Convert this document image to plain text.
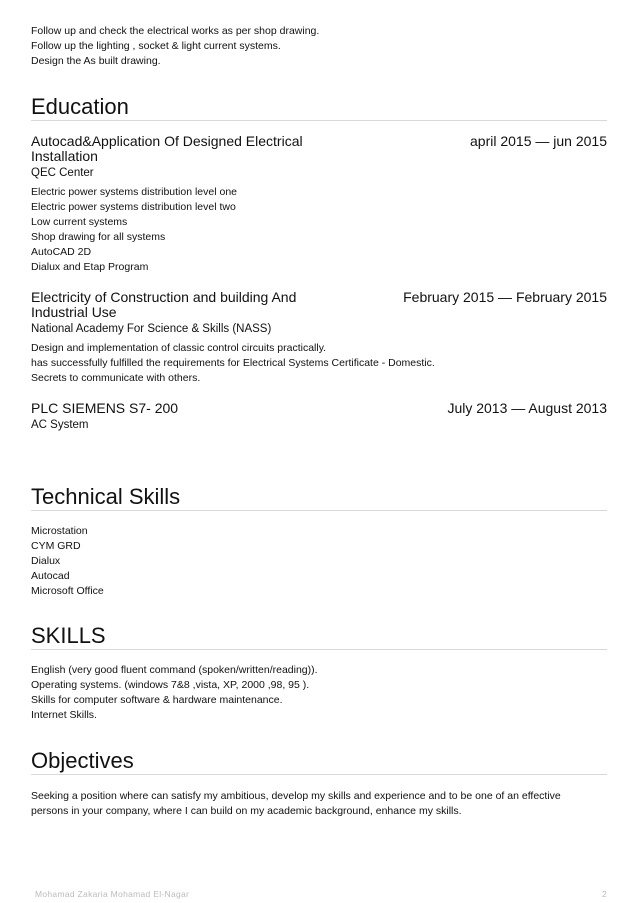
Follow up and check the electrical works as per shop drawing.
Follow up the lighting , socket & light current systems.
Design the As built drawing.
Education
Autocad&Application Of Designed Electrical Installation
april 2015 — jun 2015
QEC Center
Electric power systems distribution level one
Electric power systems distribution level two
Low current systems
Shop drawing for all systems
AutoCAD 2D
Dialux and Etap Program
Electricity of Construction and building And Industrial Use
February 2015 — February 2015
National Academy For Science & Skills (NASS)
Design and implementation of classic control circuits practically.
has successfully fulfilled the requirements for Electrical Systems Certificate - Domestic.
Secrets to communicate with others.
PLC SIEMENS S7- 200	July 2013 — August 2013
AC System
Technical Skills
Microstation
CYM GRD
Dialux
Autocad
Microsoft Office
SKILLS
English (very good fluent command (spoken/written/reading)).
Operating systems. (windows 7&8 ,vista, XP, 2000 ,98, 95 ).
Skills for computer software & hardware maintenance.
Internet Skills.
Objectives
Seeking a position where can satisfy my ambitious, develop my skills and experience and to be one of an effective
persons in your company, where I can build on my academic background, enhance my skills.
Mohamad Zakaria Mohamad El-Nagar	2
